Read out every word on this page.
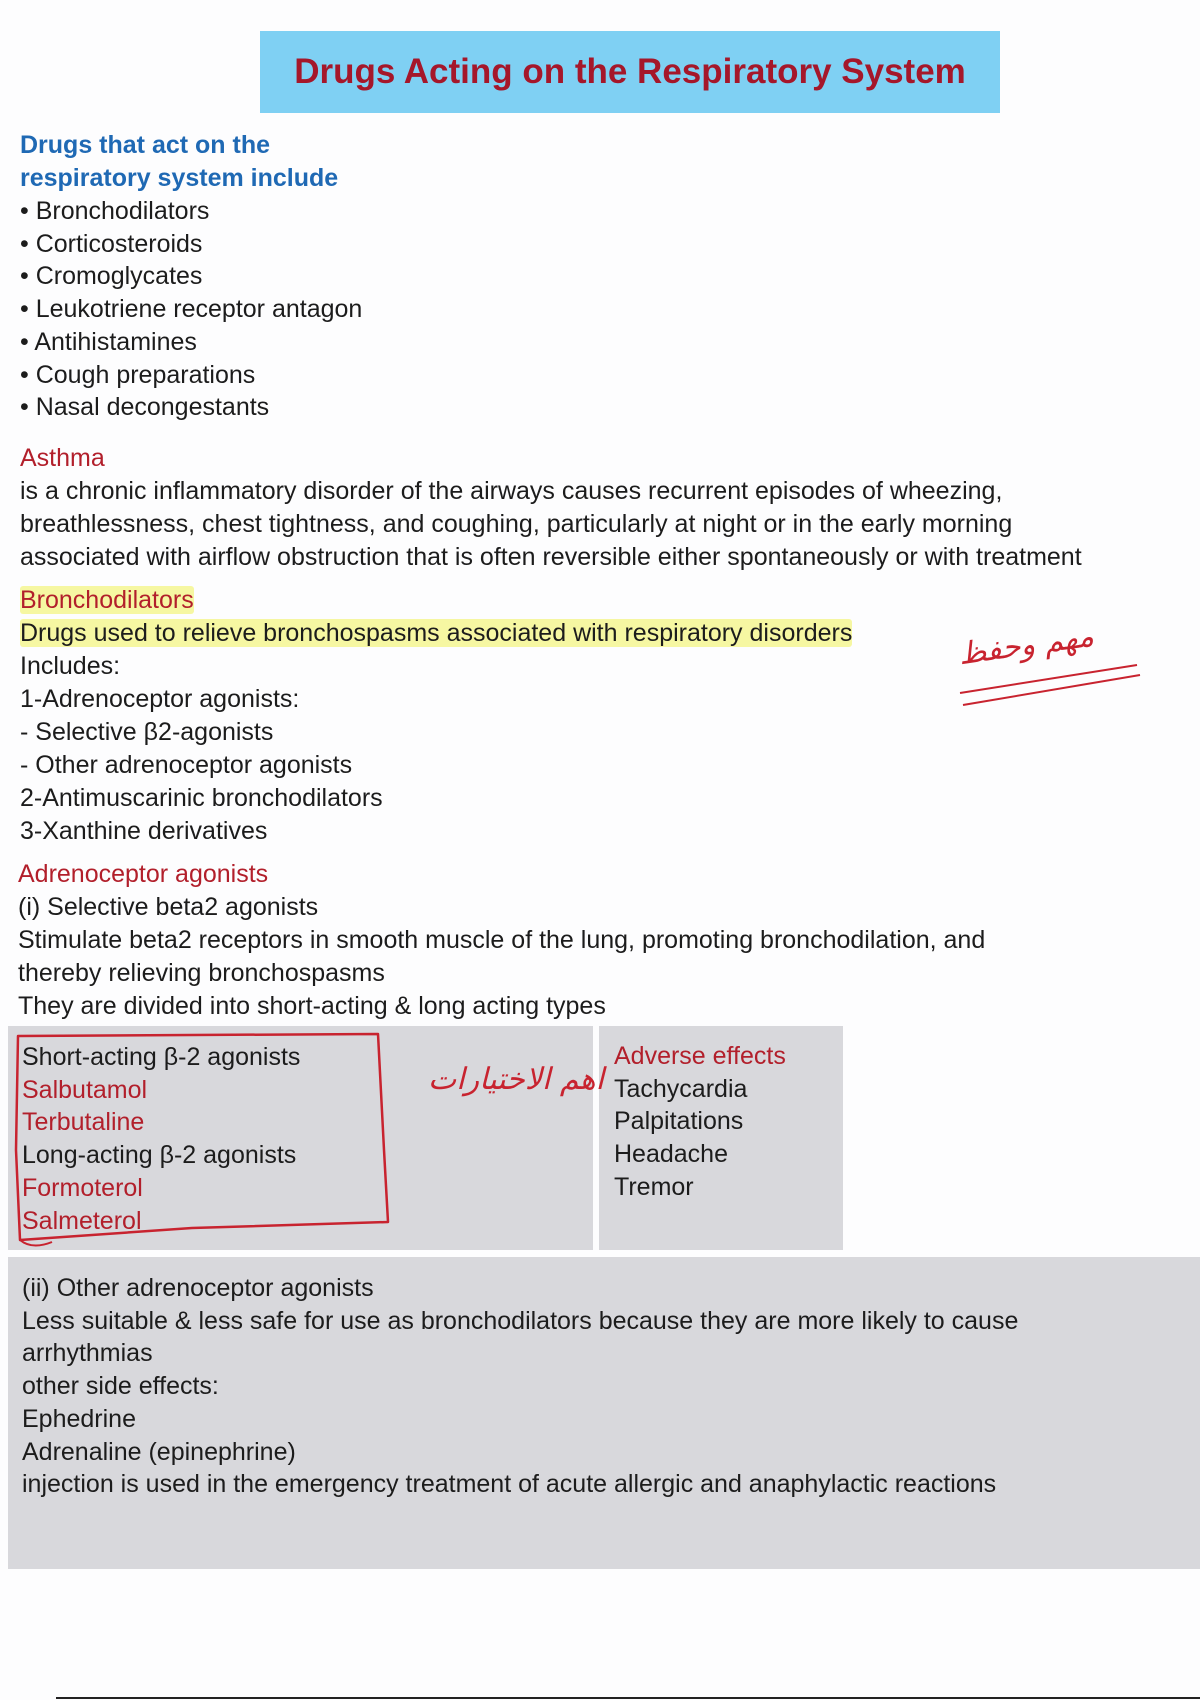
Drugs Acting on the Respiratory System
Drugs that act on the
respiratory system include
• Bronchodilators
• Corticosteroids
• Cromoglycates
• Leukotriene receptor antagon
• Antihistamines
• Cough preparations
• Nasal decongestants
Asthma
is a chronic inflammatory disorder of the airways causes recurrent episodes of wheezing,
breathlessness, chest tightness, and coughing, particularly at night or in the early morning
associated with airflow obstruction that is often reversible either spontaneously or with treatment
Bronchodilators
Drugs used to relieve bronchospasms associated with respiratory disorders
Includes:
1-Adrenoceptor agonists:
- Selective β2-agonists
- Other adrenoceptor agonists
2-Antimuscarinic bronchodilators
3-Xanthine derivatives
مهم وحفظ
Adrenoceptor agonists
(i) Selective beta2 agonists
Stimulate beta2 receptors in smooth muscle of the lung, promoting bronchodilation, and
thereby relieving bronchospasms
They are divided into short-acting & long acting types
Short-acting β-2 agonists
Salbutamol
Terbutaline
Long-acting β-2 agonists
Formoterol
Salmeterol
اهم الاختيارات
Adverse effects
Tachycardia
Palpitations
Headache
Tremor
(ii) Other adrenoceptor agonists
Less suitable & less safe for use as bronchodilators because they are more likely to cause
arrhythmias
other side effects:
Ephedrine
Adrenaline (epinephrine)
injection is used in the emergency treatment of acute allergic and anaphylactic reactions
